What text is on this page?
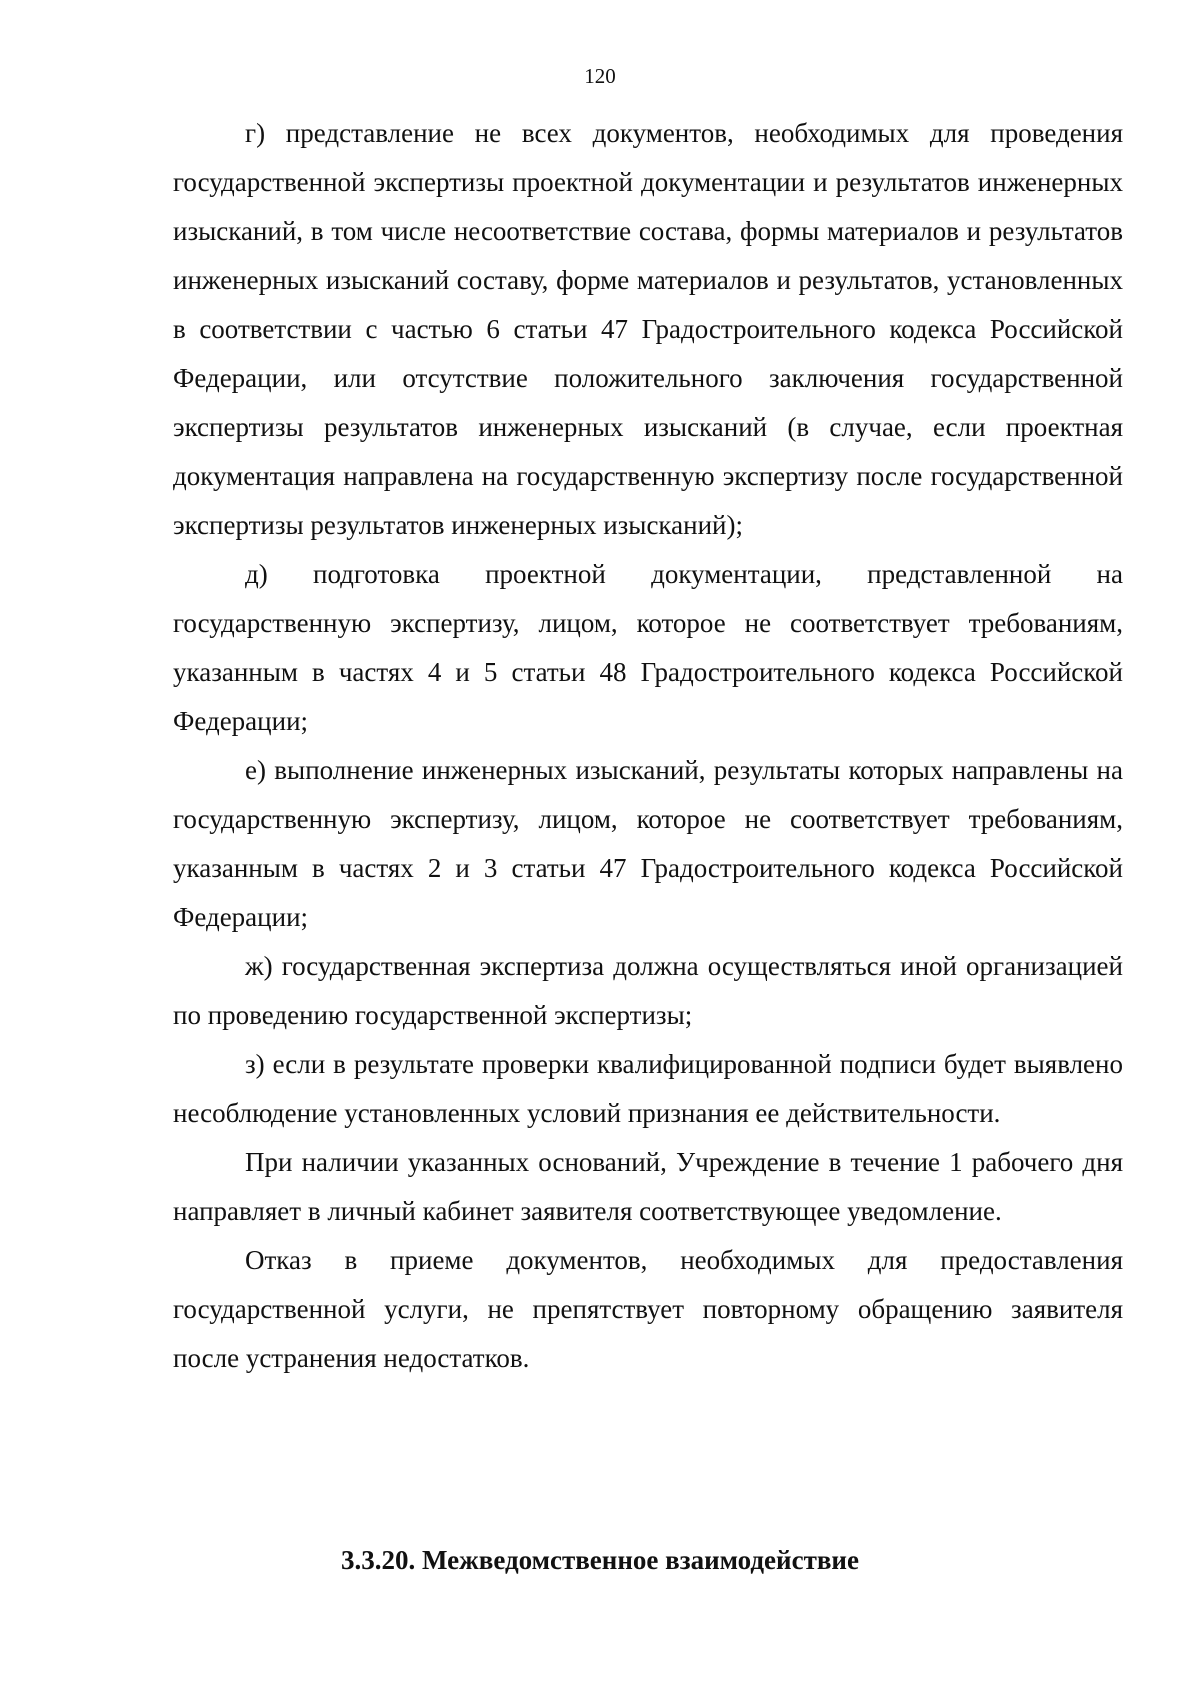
120

г) представление не всех документов, необходимых для проведения государственной экспертизы проектной документации и результатов инженерных изысканий, в том числе несоответствие состава, формы материалов и результатов инженерных изысканий составу, форме материалов и результатов, установленных в соответствии с частью 6 статьи 47 Градостроительного кодекса Российской Федерации, или отсутствие положительного заключения государственной экспертизы результатов инженерных изысканий (в случае, если проектная документация направлена на государственную экспертизу после государственной экспертизы результатов инженерных изысканий);

д) подготовка проектной документации, представленной на государственную экспертизу, лицом, которое не соответствует требованиям, указанным в частях 4 и 5 статьи 48 Градостроительного кодекса Российской Федерации;

е) выполнение инженерных изысканий, результаты которых направлены на государственную экспертизу, лицом, которое не соответствует требованиям, указанным в частях 2 и 3 статьи 47 Градостроительного кодекса Российской Федерации;

ж) государственная экспертиза должна осуществляться иной организацией по проведению государственной экспертизы;

з) если в результате проверки квалифицированной подписи будет выявлено несоблюдение установленных условий признания ее действительности.

При наличии указанных оснований, Учреждение в течение 1 рабочего дня направляет в личный кабинет заявителя соответствующее уведомление.

Отказ в приеме документов, необходимых для предоставления государственной услуги, не препятствует повторному обращению заявителя после устранения недостатков.

3.3.20. Межведомственное взаимодействие
